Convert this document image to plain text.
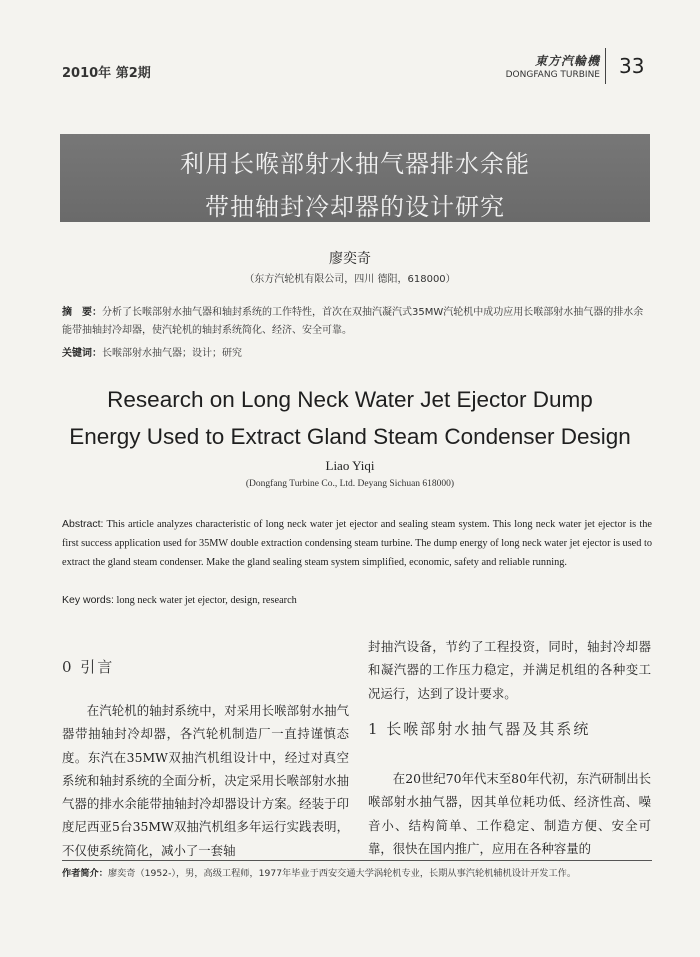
2010年 第2期
東方汽輪機
DONGFANG TURBINE 33
利用长喉部射水抽气器排水余能
带抽轴封冷却器的设计研究
廖奕奇
（东方汽轮机有限公司，四川 德阳，618000）
摘　要：分析了长喉部射水抽气器和轴封系统的工作特性，首次在双抽汽凝汽式35MW汽轮机中成功应用长喉部射水抽气器的排水余能带抽轴封冷却器，使汽轮机的轴封系统简化、经济、安全可靠。
关键词：长喉部射水抽气器；设计；研究
Research on Long Neck Water Jet Ejector Dump
Energy Used to Extract Gland Steam Condenser Design
Liao Yiqi
(Dongfang Turbine Co., Ltd. Deyang Sichuan 618000)
Abstract: This article analyzes characteristic of long neck water jet ejector and sealing steam system. This long neck water jet ejector is the first success application used for 35MW double extraction condensing steam turbine. The dump energy of long neck water jet ejector is used to extract the gland steam condenser. Make the gland sealing steam system simplified, economic, safety and reliable running.
Key words: long neck water jet ejector, design, research
0 引言
在汽轮机的轴封系统中，对采用长喉部射水抽气器带抽轴封冷却器，各汽轮机制造厂一直持谨慎态度。东汽在35MW双抽汽机组设计中，经过对真空系统和轴封系统的全面分析，决定采用长喉部射水抽气器的排水余能带抽轴封冷却器设计方案。经装于印度尼西亚5台35MW双抽汽机组多年运行实践表明，不仅使系统简化，减小了一套轴
封抽汽设备，节约了工程投资，同时，轴封冷却器和凝汽器的工作压力稳定，并满足机组的各种变工况运行，达到了设计要求。
1 长喉部射水抽气器及其系统
在20世纪70年代末至80年代初，东汽研制出长喉部射水抽气器，因其单位耗功低、经济性高、噪音小、结构简单、工作稳定、制造方便、安全可靠，很快在国内推广，应用在各种容量的
作者简介：廖奕奇（1952-），男，高级工程师，1977年毕业于西安交通大学涡轮机专业，长期从事汽轮机辅机设计开发工作。
